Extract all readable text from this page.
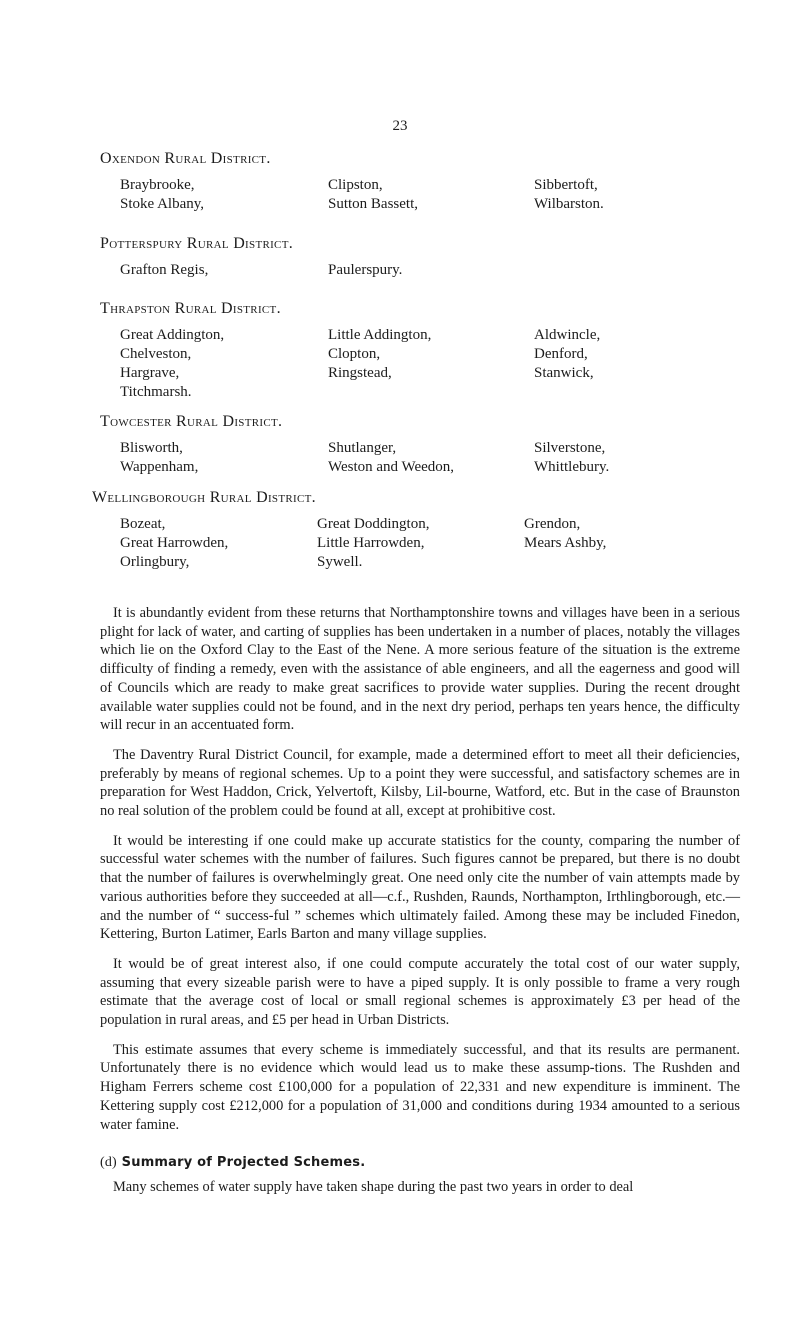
23
Oxendon Rural District.
Braybrooke,	Clipston,	Sibbertoft,
Stoke Albany,	Sutton Bassett,	Wilbarston.
Potterspury Rural District.
Grafton Regis,	Paulerspury.
Thrapston Rural District.
Great Addington,	Little Addington,	Aldwincle,
Chelveston,	Clopton,	Denford,
Hargrave,	Ringstead,	Stanwick,
Titchmarsh.
Towcester Rural District.
Blisworth,	Shutlanger,	Silverstone,
Wappenham,	Weston and Weedon,	Whittlebury.
Wellingborough Rural District.
Bozeat,	Great Doddington,	Grendon,
Great Harrowden,	Little Harrowden,	Mears Ashby,
Orlingbury,	Sywell.

It is abundantly evident from these returns that Northamptonshire towns and villages have been in a serious plight for lack of water, and carting of supplies has been undertaken in a number of places, notably the villages which lie on the Oxford Clay to the East of the Nene. A more serious feature of the situation is the extreme difficulty of finding a remedy, even with the assistance of able engineers, and all the eagerness and good will of Councils which are ready to make great sacrifices to provide water supplies. During the recent drought available water supplies could not be found, and in the next dry period, perhaps ten years hence, the difficulty will recur in an accentuated form.

The Daventry Rural District Council, for example, made a determined effort to meet all their deficiencies, preferably by means of regional schemes. Up to a point they were successful, and satisfactory schemes are in preparation for West Haddon, Crick, Yelvertoft, Kilsby, Lil-bourne, Watford, etc. But in the case of Braunston no real solution of the problem could be found at all, except at prohibitive cost.

It would be interesting if one could make up accurate statistics for the county, comparing the number of successful water schemes with the number of failures. Such figures cannot be prepared, but there is no doubt that the number of failures is overwhelmingly great. One need only cite the number of vain attempts made by various authorities before they succeeded at all—c.f., Rushden, Raunds, Northampton, Irthlingborough, etc.—and the number of “ success-ful ” schemes which ultimately failed. Among these may be included Finedon, Kettering, Burton Latimer, Earls Barton and many village supplies.

It would be of great interest also, if one could compute accurately the total cost of our water supply, assuming that every sizeable parish were to have a piped supply. It is only possible to frame a very rough estimate that the average cost of local or small regional schemes is approximately £3 per head of the population in rural areas, and £5 per head in Urban Districts.

This estimate assumes that every scheme is immediately successful, and that its results are permanent. Unfortunately there is no evidence which would lead us to make these assump-tions. The Rushden and Higham Ferrers scheme cost £100,000 for a population of 22,331 and new expenditure is imminent. The Kettering supply cost £212,000 for a population of 31,000 and conditions during 1934 amounted to a serious water famine.

(d) Summary of Projected Schemes.

Many schemes of water supply have taken shape during the past two years in order to deal
